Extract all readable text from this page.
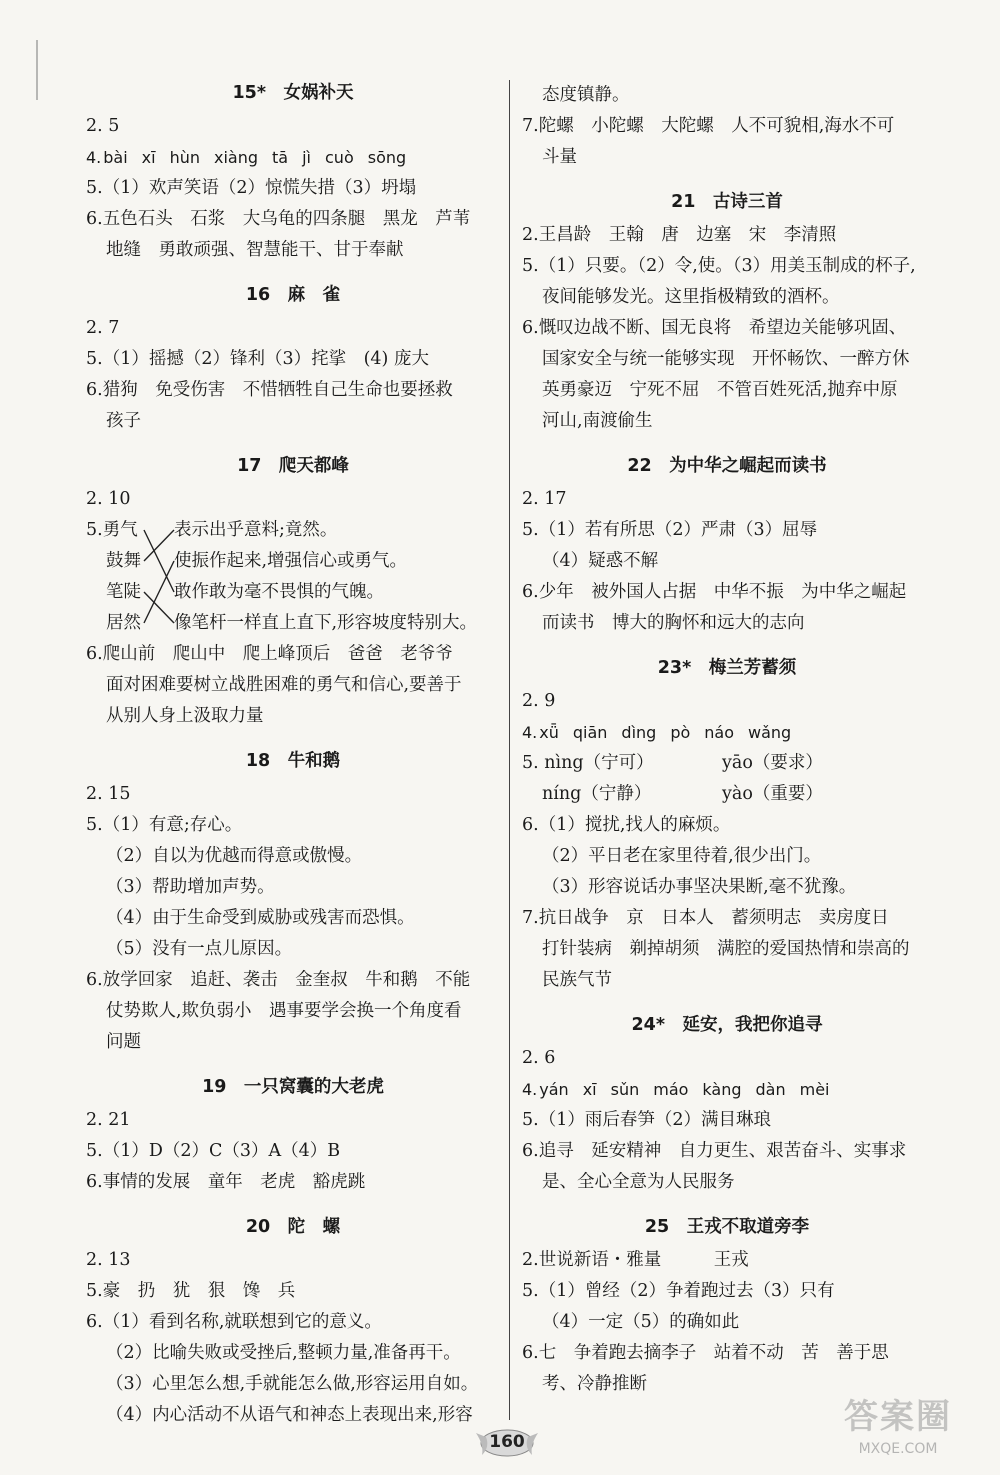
15*　女娲补天
2. 5
4. bài xī hùn xiàng tā jì cuò sōng
5.（1）欢声笑语（2）惊慌失措（3）坍塌
6.五色石头　石浆　大乌龟的四条腿　黑龙　芦苇
地缝　勇敢顽强、智慧能干、甘于奉献
16　麻　雀
2. 7
5.（1）摇撼（2）锋利（3）挓挲　(4) 庞大
6.猎狗　免受伤害　不惜牺牲自己生命也要拯救
孩子
17　爬天都峰
2. 10
5.勇气
鼓舞
笔陡
居然
表示出乎意料;竟然。
使振作起来,增强信心或勇气。
敢作敢为毫不畏惧的气魄。
像笔杆一样直上直下,形容坡度特别大。
6.爬山前　爬山中　爬上峰顶后　爸爸　老爷爷
面对困难要树立战胜困难的勇气和信心,要善于
从别人身上汲取力量
18　牛和鹅
2. 15
5.（1）有意;存心。
（2）自以为优越而得意或傲慢。
（3）帮助增加声势。
（4）由于生命受到威胁或残害而恐惧。
（5）没有一点儿原因。
6.放学回家　追赶、袭击　金奎叔　牛和鹅　不能
仗势欺人,欺负弱小　遇事要学会换一个角度看
问题
19　一只窝囊的大老虎
2. 21
5.（1）D（2）C（3）A（4）B
6.事情的发展　童年　老虎　豁虎跳
20　陀　螺
2. 13
5.豪　扔　犹　狠　馋　兵
6.（1）看到名称,就联想到它的意义。
（2）比喻失败或受挫后,整顿力量,准备再干。
（3）心里怎么想,手就能怎么做,形容运用自如。
（4）内心活动不从语气和神态上表现出来,形容
态度镇静。
7.陀螺　小陀螺　大陀螺　人不可貌相,海水不可
斗量
21　古诗三首
2.王昌龄　王翰　唐　边塞　宋　李清照
5.（1）只要。（2）令,使。（3）用美玉制成的杯子,
夜间能够发光。这里指极精致的酒杯。
6.慨叹边战不断、国无良将　希望边关能够巩固、
国家安全与统一能够实现　开怀畅饮、一醉方休
英勇豪迈　宁死不屈　不管百姓死活,抛弃中原
河山,南渡偷生
22　为中华之崛起而读书
2. 17
5.（1）若有所思（2）严肃（3）屈辱
（4）疑惑不解
6.少年　被外国人占据　中华不振　为中华之崛起
而读书　博大的胸怀和远大的志向
23*　梅兰芳蓄须
2. 9
4. xǖ qiān dìng pò náo wǎng
5. nìng（宁可）	yāo（要求）
níng（宁静）	yào（重要）
6.（1）搅扰,找人的麻烦。
（2）平日老在家里待着,很少出门。
（3）形容说话办事坚决果断,毫不犹豫。
7.抗日战争　京　日本人　蓄须明志　卖房度日
打针装病　剃掉胡须　满腔的爱国热情和崇高的
民族气节
24*　延安，我把你追寻
2. 6
4. yán xī sǔn máo kàng dàn mèi
5.（1）雨后春笋（2）满目琳琅
6.追寻　延安精神　自力更生、艰苦奋斗、实事求
是、全心全意为人民服务
25　王戎不取道旁李
2.世说新语・雅量　　　王戎
5.（1）曾经（2）争着跑过去（3）只有
（4）一定（5）的确如此
6.七　争着跑去摘李子　站着不动　苦　善于思
考、冷静推断
160
答案圈
MXQE.COM
